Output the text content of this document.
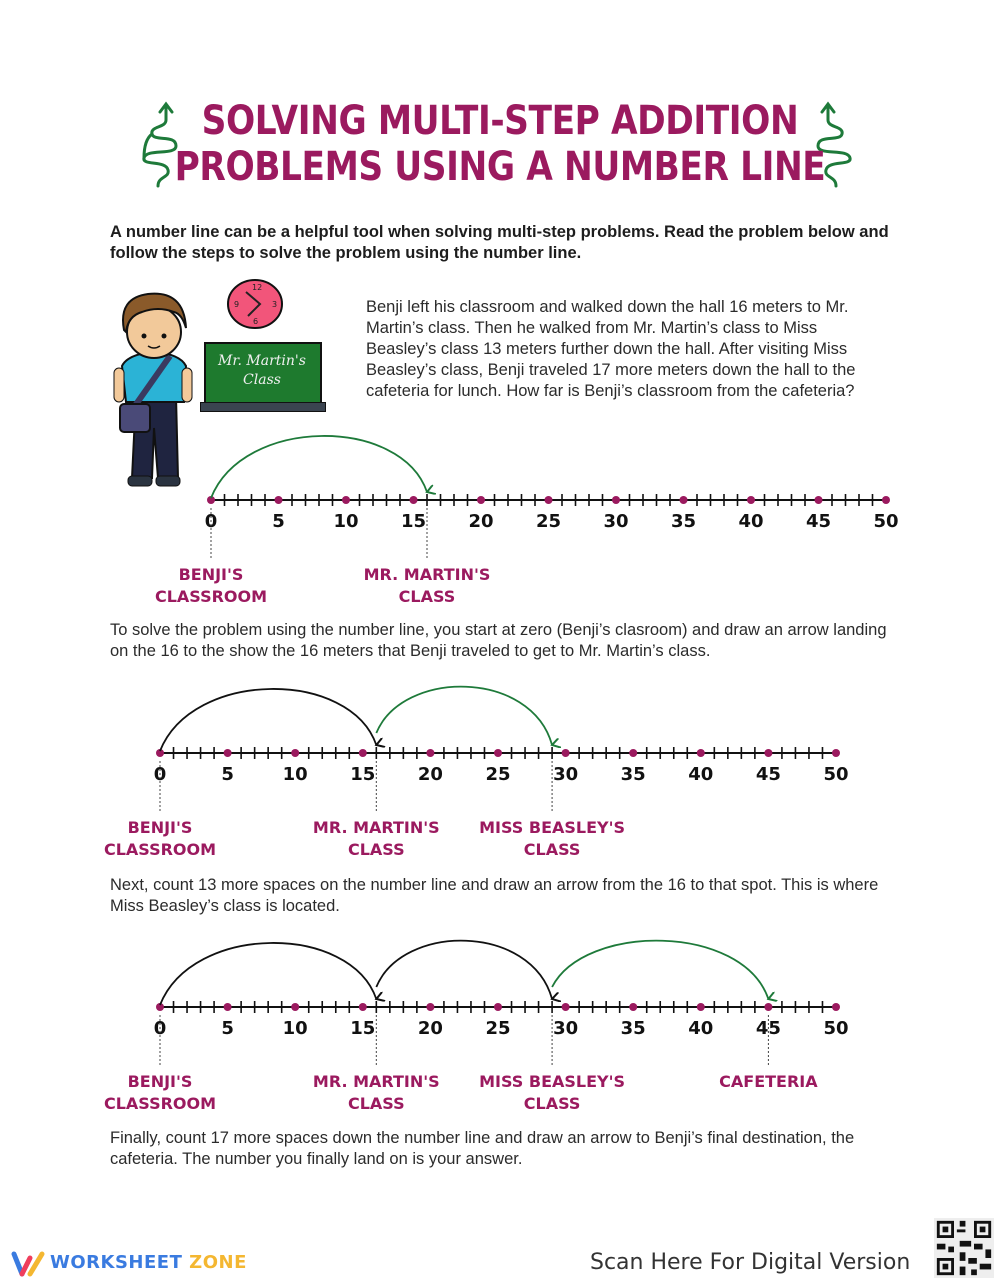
SOLVING MULTI-STEP ADDITION
PROBLEMS USING A NUMBER LINE
A number line can be a helpful tool when solving multi-step problems. Read the problem below and follow the steps to solve the problem using the number line.
12
3
6
9
Mr. Martin's
Class
Benji left his classroom and walked down the hall 16 meters to Mr. Martin’s class. Then he walked from Mr. Martin’s class to Miss Beasley’s class 13 meters further down the hall. After visiting Miss Beasley’s class, Benji traveled 17 more meters down the hall to the cafeteria for lunch. How far is Benji’s classroom from the cafeteria?
0	5	10 15 20 25 30 35 40 45 50
BENJI'S
CLASSROOM
MR. MARTIN'S
CLASS
To solve the problem using the number line, you start at zero (Benji’s clasroom) and draw an arrow landing on the 16 to the show the 16 meters that Benji traveled to get to Mr. Martin’s class.
0	5	10 15 20 25 30 35 40 45 50
BENJI'S
CLASSROOM
MR. MARTIN'S
CLASS
MISS BEASLEY'S
CLASS
Next, count 13 more spaces on the number line and draw an arrow from the 16 to that spot. This is where Miss Beasley’s class is located.
0	5	10 15 20 25 30 35 40 45 50
BENJI'S
CLASSROOM
MR. MARTIN'S
CLASS
MISS BEASLEY'S
CLASS
CAFETERIA
Finally, count 17 more spaces down the number line and draw an arrow to Benji’s final destination, the cafeteria. The number you finally land on is your answer.
WORKSHEET ZONE	Scan Here For Digital Version
